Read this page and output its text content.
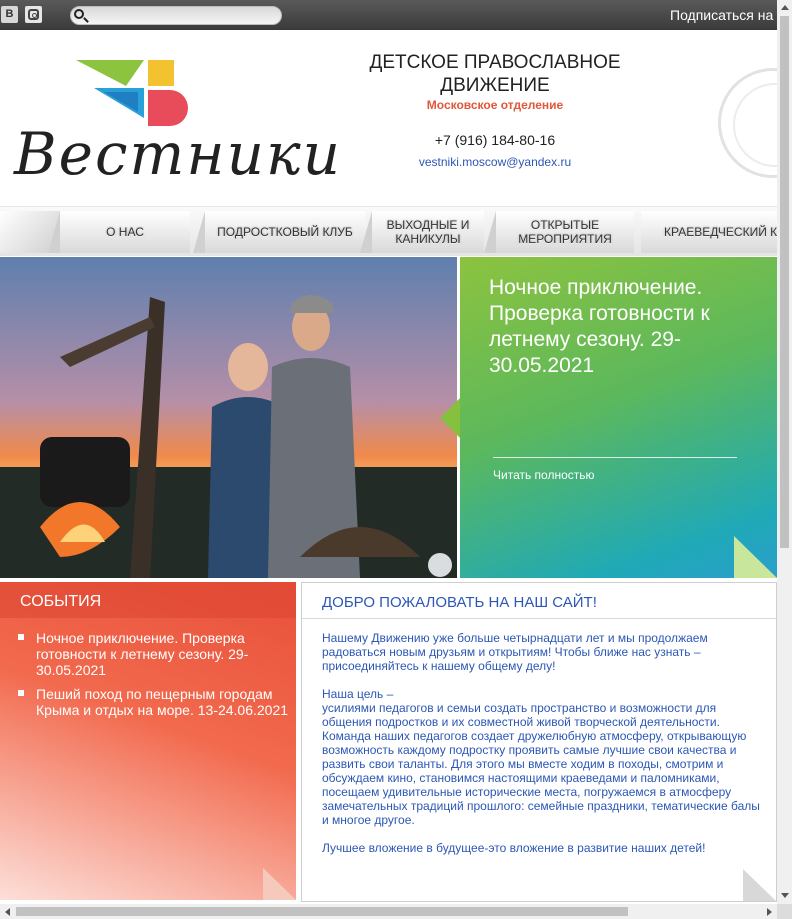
В	Подписаться на
Вестники
ДЕТСКОЕ ПРАВОСЛАВНОЕ ДВИЖЕНИЕ
Московское отделение
+7 (916) 184-80-16
vestniki.moscow@yandex.ru
О НАС	ПОДРОСТКОВЫЙ КЛУБ	ВЫХОДНЫЕ И КАНИКУЛЫ
ОТКРЫТЫЕ МЕРОПРИЯТИЯ	КРАЕВЕДЧЕСКИЙ К
Ночное приключение. Проверка готовности к летнему сезону. 29-30.05.2021
Читать полностью
СОБЫТИЯ
Ночное приключение. Проверка готовности к летнему сезону. 29-30.05.2021
Пеший поход по пещерным городам Крыма и отдых на море. 13-24.06.2021
ДОБРО ПОЖАЛОВАТЬ НА НАШ САЙТ!

Нашему Движению уже больше четырнадцати лет и мы продолжаем радоваться новым друзьям и открытиям! Чтобы ближе нас узнать – присоединяйтесь к нашему общему делу!

Наша цель –

усилиями педагогов и семьи создать пространство и возможности для общения подростков и их совместной живой творческой деятельности. Команда наших педагогов создает дружелюбную атмосферу, открывающую возможность каждому подростку проявить самые лучшие свои качества и развить свои таланты. Для этого мы вместе ходим в походы, смотрим и обсуждаем кино, становимся настоящими краеведами и паломниками, посещаем удивительные исторические места, погружаемся в атмосферу замечательных традиций прошлого: семейные праздники, тематические балы и многое другое.

Лучшее вложение в будущее-это вложение в развитие наших детей!
